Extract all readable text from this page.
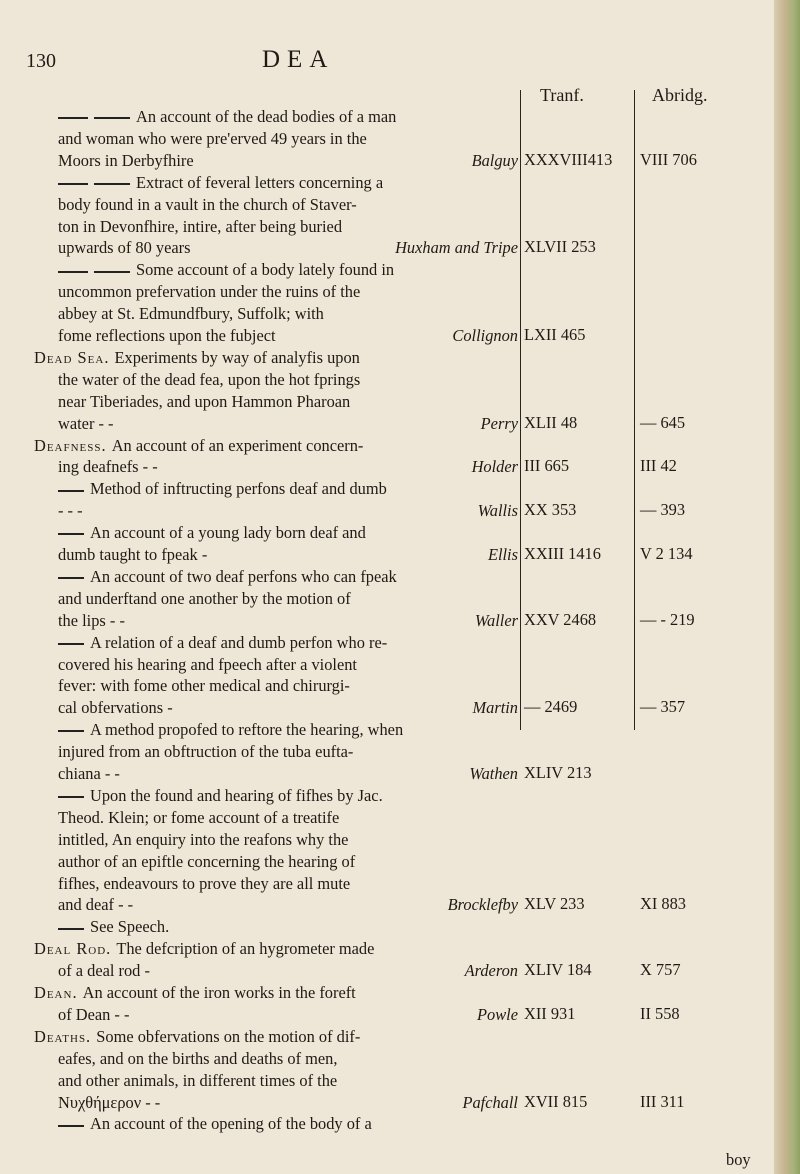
130	DEA
Tranf.	Abridg.
An account of the dead bodies of a man
and woman who were pre'erved 49 years in the
Moors in Derbyfhire	Balguy XXXVIII413	VIII 706
Extract of feveral letters concerning a
body found in a vault in the church of Staver-
ton in Devonfhire, intire, after being buried
upwards of 80 years	Huxham and Tripe XLVII 253
Some account of a body lately found in
uncommon prefervation under the ruins of the
abbey at St. Edmundfbury, Suffolk; with
fome reflections upon the fubject	Collignon LXII 465
Dead Sea. Experiments by way of analyfis upon
the water of the dead fea, upon the hot fprings
near Tiberiades, and upon Hammon Pharoan
water - -	Perry XLII 48	— 645
Deafness. An account of an experiment concern-
ing deafnefs - -	Holder III 665	III 42
Method of inftructing perfons deaf and dumb
- - -	Wallis XX 353	— 393
An account of a young lady born deaf and
dumb taught to fpeak -	Ellis XXIII 1416	V 2 134
An account of two deaf perfons who can fpeak
and underftand one another by the motion of
the lips - -	Waller XXV 2468	— - 219
A relation of a deaf and dumb perfon who re-
covered his hearing and fpeech after a violent
fever: with fome other medical and chirurgi-
cal obfervations -	Martin — 2469	— 357
A method propofed to reftore the hearing, when
injured from an obftruction of the tuba eufta-
chiana - -	Wathen XLIV 213
Upon the found and hearing of fifhes by Jac.
Theod. Klein; or fome account of a treatife
intitled, An enquiry into the reafons why the
author of an epiftle concerning the hearing of
fifhes, endeavours to prove they are all mute
and deaf - -	Brocklefby XLV 233	XI 883
See Speech.
Deal Rod. The defcription of an hygrometer made
of a deal rod -	Arderon XLIV 184	X 757
Dean. An account of the iron works in the foreft
of Dean - -	Powle XII 931	II 558
Deaths. Some obfervations on the motion of dif-
eafes, and on the births and deaths of men,
and other animals, in different times of the
Νυχθήμερον - -	Pafchall XVII 815	III 311
An account of the opening of the body of a
boy
